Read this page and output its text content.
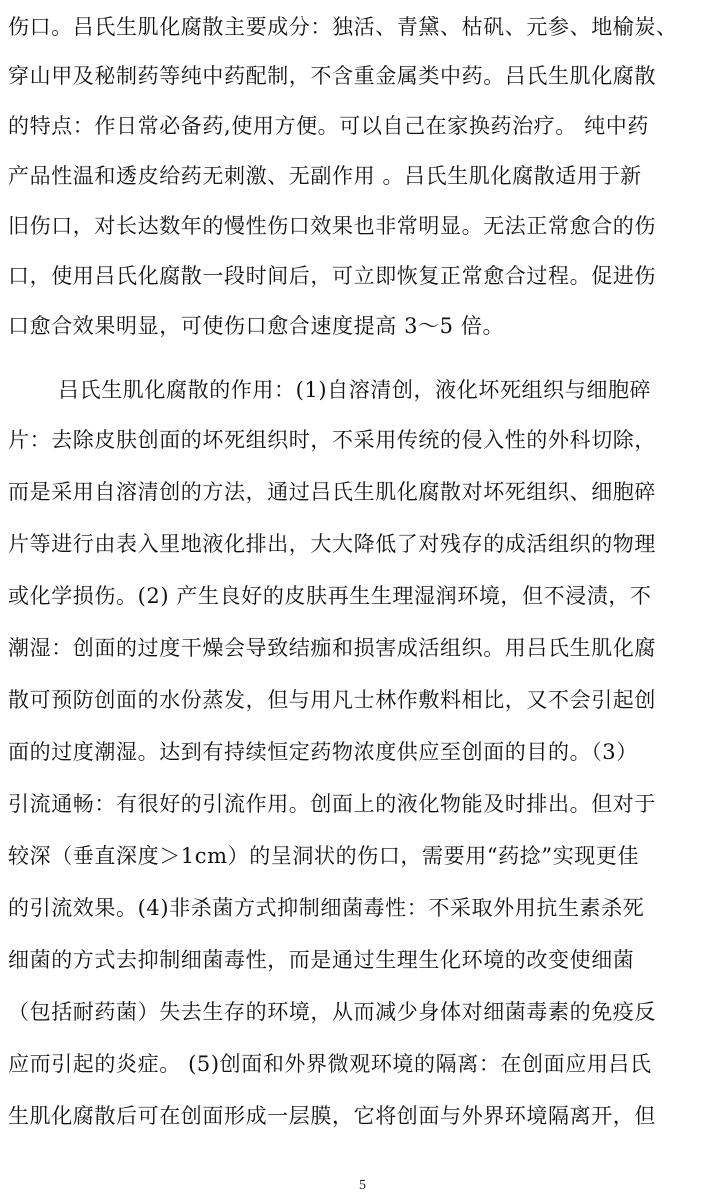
伤口。吕氏生肌化腐散主要成分：独活、青黛、枯矾、元参、地榆炭、
穿山甲及秘制药等纯中药配制，不含重金属类中药。吕氏生肌化腐散
的特点：作日常必备药,使用方便。可以自己在家换药治疗。 纯中药
产品性温和透皮给药无刺激、无副作用 。吕氏生肌化腐散适用于新
旧伤口，对长达数年的慢性伤口效果也非常明显。无法正常愈合的伤
口，使用吕氏化腐散一段时间后，可立即恢复正常愈合过程。促进伤
口愈合效果明显，可使伤口愈合速度提高 3～5 倍。
吕氏生肌化腐散的作用：(1)自溶清创，液化坏死组织与细胞碎
片：去除皮肤创面的坏死组织时，不采用传统的侵入性的外科切除，
而是采用自溶清创的方法，通过吕氏生肌化腐散对坏死组织、细胞碎
片等进行由表入里地液化排出，大大降低了对残存的成活组织的物理
或化学损伤。(2) 产生良好的皮肤再生生理湿润环境，但不浸渍，不
潮湿：创面的过度干燥会导致结痂和损害成活组织。用吕氏生肌化腐
散可预防创面的水份蒸发，但与用凡士林作敷料相比，又不会引起创
面的过度潮湿。达到有持续恒定药物浓度供应至创面的目的。（3）
引流通畅：有很好的引流作用。创面上的液化物能及时排出。但对于
较深（垂直深度＞1cm）的呈洞状的伤口，需要用“药捻”实现更佳
的引流效果。(4)非杀菌方式抑制细菌毒性：不采取外用抗生素杀死
细菌的方式去抑制细菌毒性，而是通过生理生化环境的改变使细菌
（包括耐药菌）失去生存的环境，从而减少身体对细菌毒素的免疫反
应而引起的炎症。 (5)创面和外界微观环境的隔离：在创面应用吕氏
生肌化腐散后可在创面形成一层膜，它将创面与外界环境隔离开，但
5
